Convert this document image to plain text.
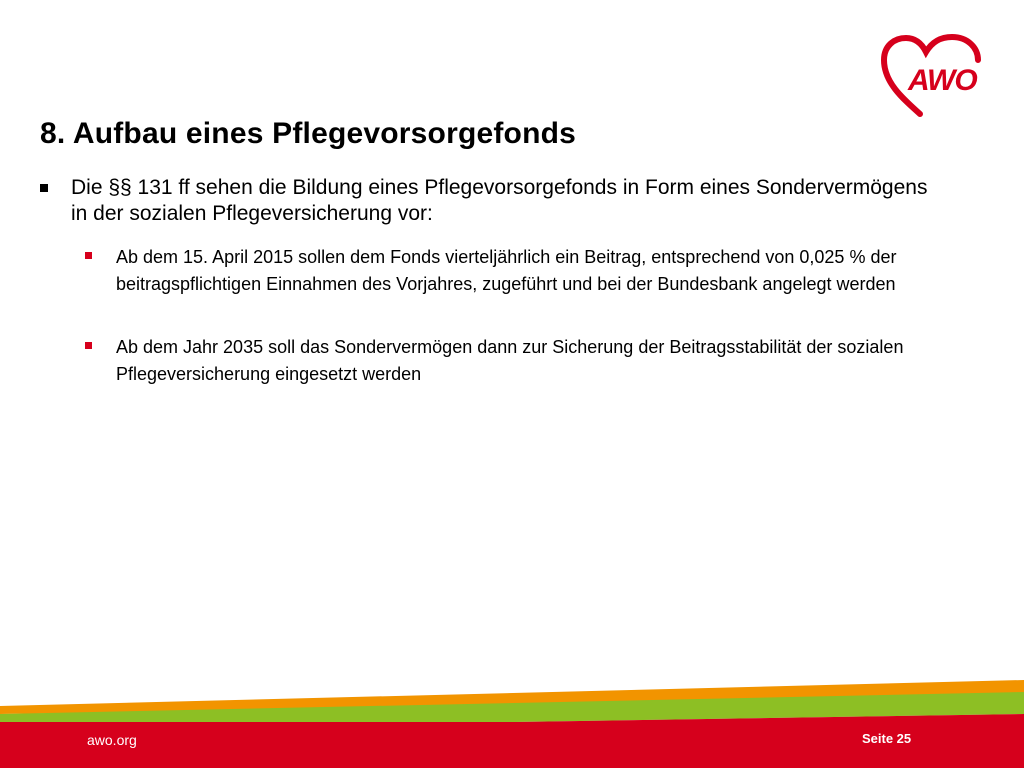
AWO
8. Aufbau eines Pflegevorsorgefonds
Die §§ 131 ff sehen die Bildung eines Pflegevorsorgefonds in Form eines Sondervermögens in der sozialen Pflegeversicherung vor:
Ab dem 15. April 2015 sollen dem Fonds vierteljährlich ein Beitrag, entsprechend von 0,025 % der beitragspflichtigen Einnahmen des Vorjahres, zugeführt und bei der Bundesbank angelegt werden
Ab dem Jahr 2035 soll das Sondervermögen dann zur Sicherung der Beitragsstabilität der sozialen Pflegeversicherung eingesetzt werden
awo.org	Seite 25
